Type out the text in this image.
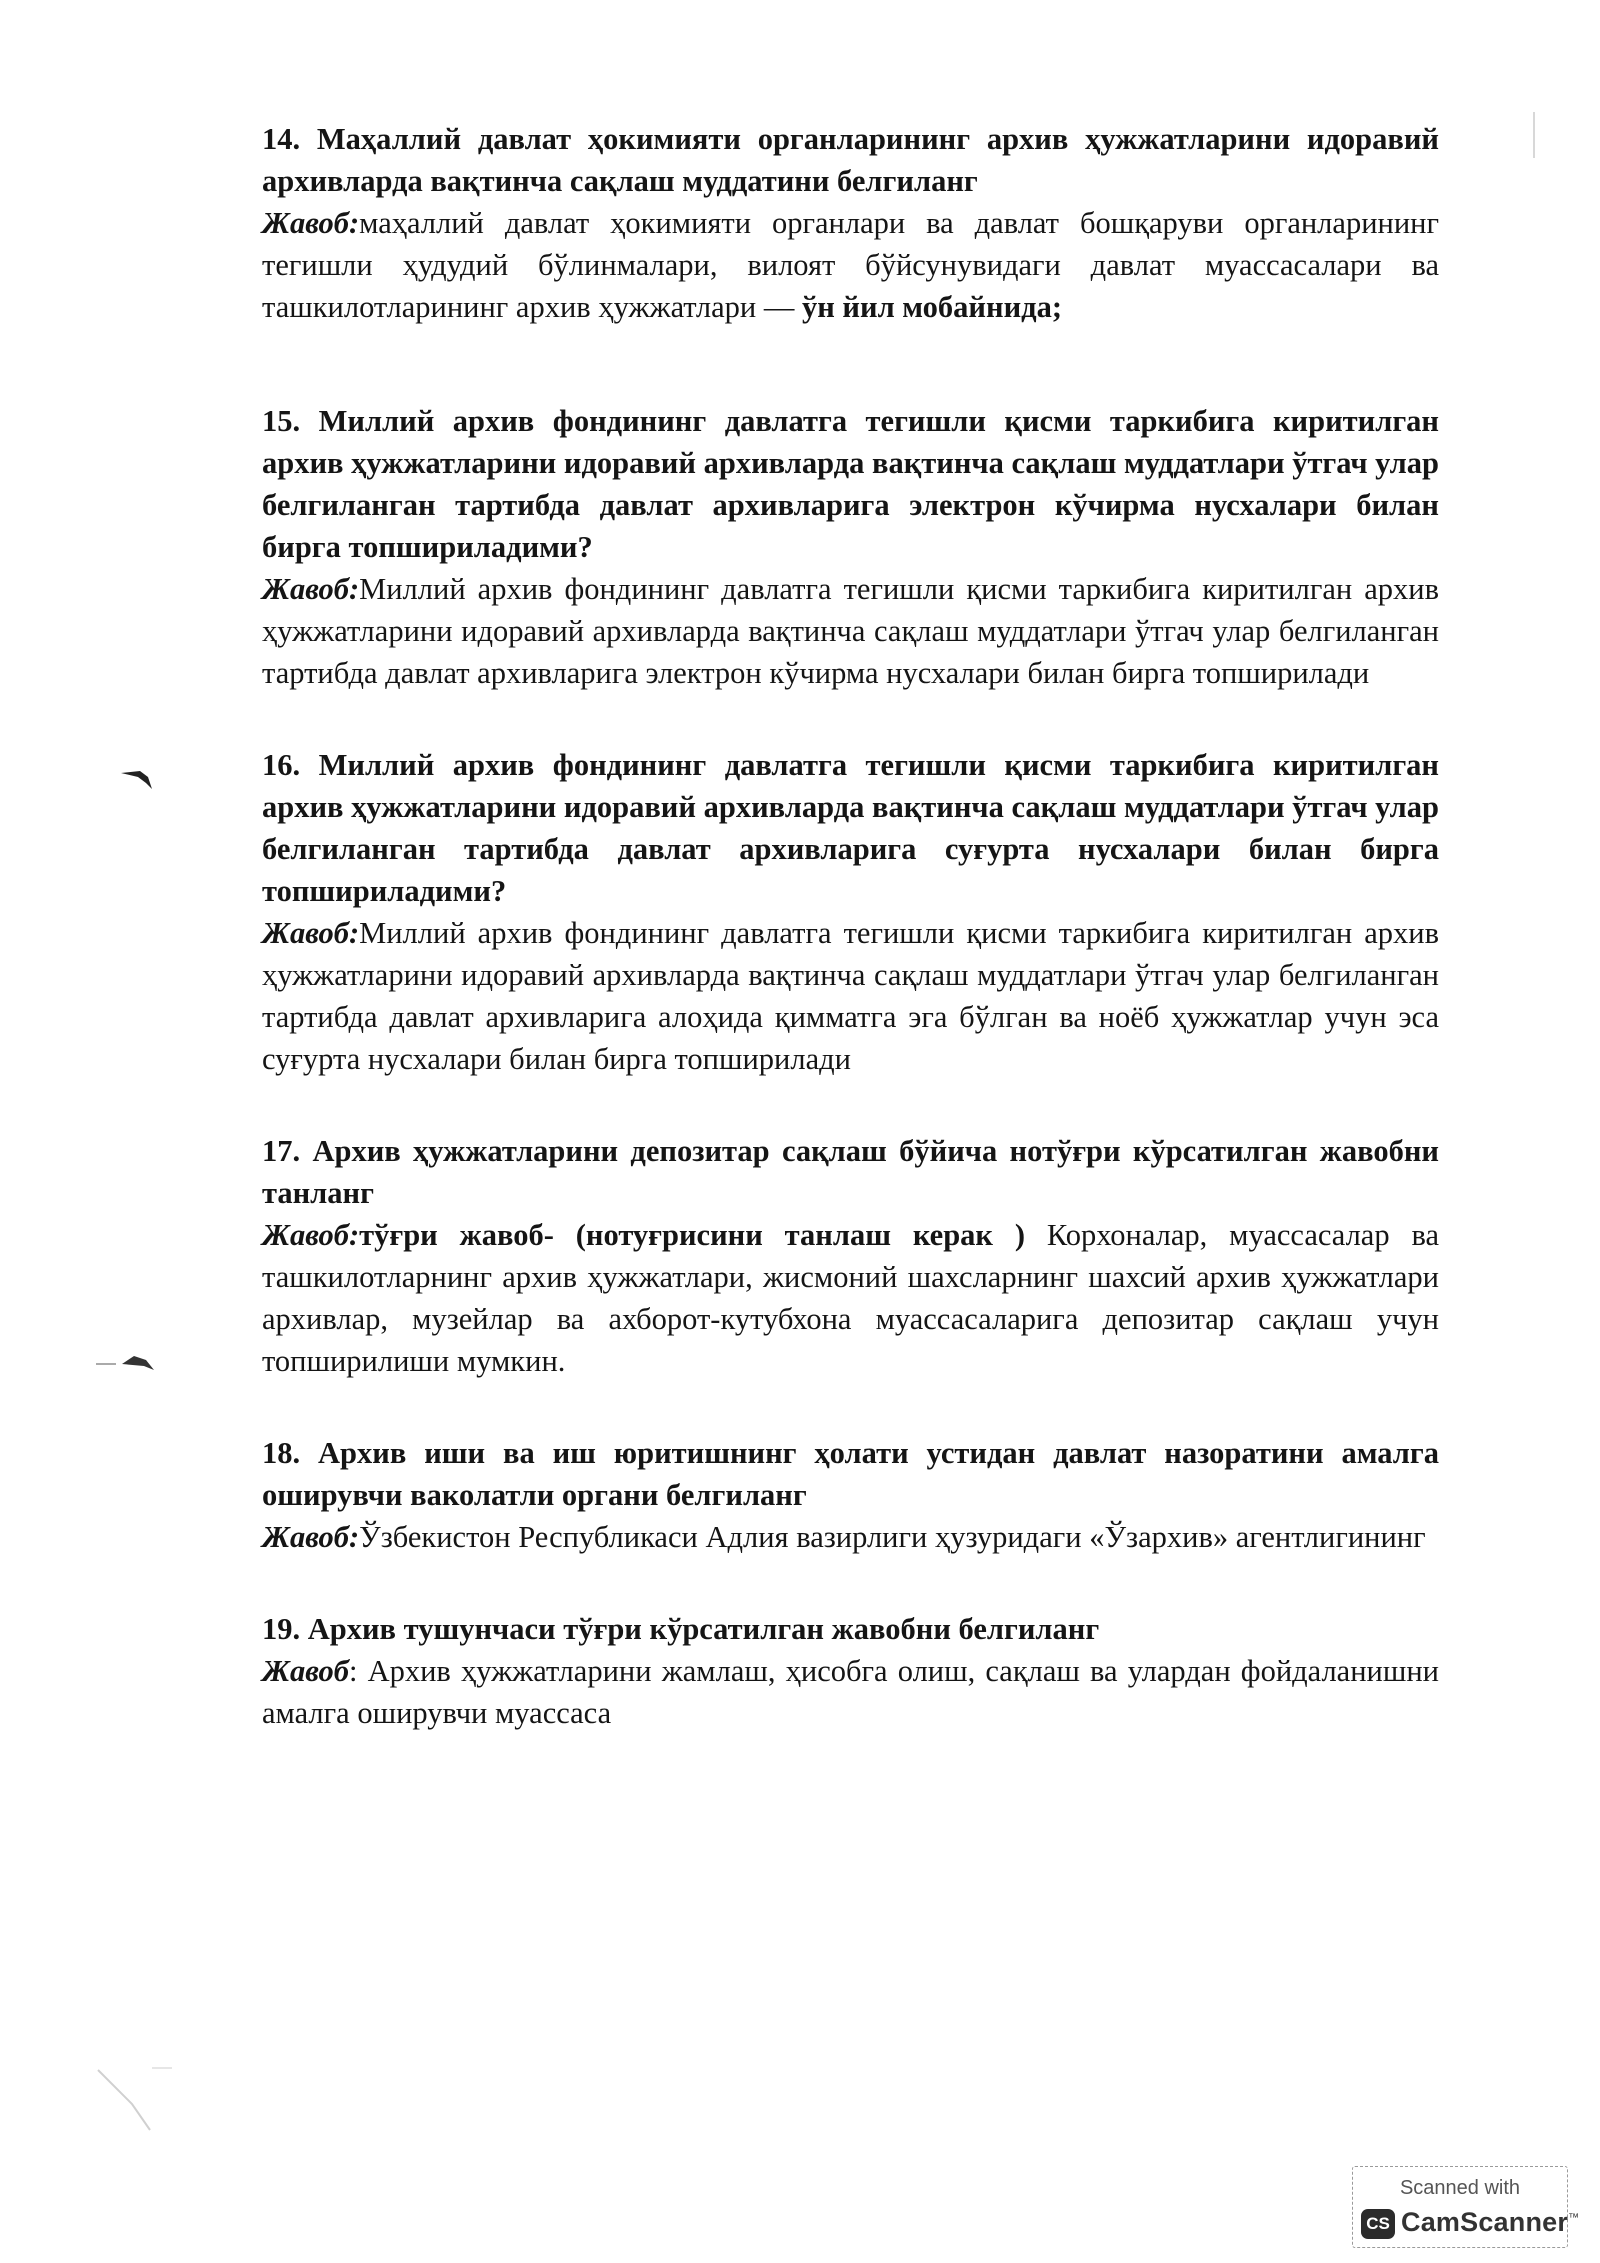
14. Маҳаллий давлат ҳокимияти органларининг архив ҳужжатларини идоравий архивларда вақтинча сақлаш муддатини белгиланг

Жавоб:маҳаллий давлат ҳокимияти органлари ва давлат бошқаруви органларининг тегишли ҳудудий бўлинмалари, вилоят бўйсунувидаги давлат муассасалари ва ташкилотларининг архив ҳужжатлари — ўн йил мобайнида;

15. Миллий архив фондининг давлатга тегишли қисми таркибига киритилган архив ҳужжатларини идоравий архивларда вақтинча сақлаш муддатлари ўтгач улар белгиланган тартибда давлат архивларига электрон кўчирма нусхалари билан бирга топшириладими?

Жавоб:Миллий архив фондининг давлатга тегишли қисми таркибига киритилган архив ҳужжатларини идоравий архивларда вақтинча сақлаш муддатлари ўтгач улар белгиланган тартибда давлат архивларига электрон кўчирма нусхалари билан бирга топширилади

16. Миллий архив фондининг давлатга тегишли қисми таркибига киритилган архив ҳужжатларини идоравий архивларда вақтинча сақлаш муддатлари ўтгач улар белгиланган тартибда давлат архивларига суғурта нусхалари билан бирга топшириладими?

Жавоб:Миллий архив фондининг давлатга тегишли қисми таркибига киритилган архив ҳужжатларини идоравий архивларда вақтинча сақлаш муддатлари ўтгач улар белгиланган тартибда давлат архивларига алоҳида қимматга эга бўлган ва ноёб ҳужжатлар учун эса суғурта нусхалари билан бирга топширилади

17. Архив ҳужжатларини депозитар сақлаш бўйича нотўғри кўрсатилган жавобни танланг

Жавоб:тўғри жавоб- (нотуғрисини танлаш керак ) Корхоналар, муассасалар ва ташкилотларнинг архив ҳужжатлари, жисмоний шахсларнинг шахсий архив ҳужжатлари архивлар, музейлар ва ахборот-кутубхона муассасаларига депозитар сақлаш учун топширилиши мумкин.

18. Архив иши ва иш юритишнинг ҳолати устидан давлат назоратини амалга оширувчи ваколатли органи белгиланг

Жавоб:Ўзбекистон Республикаси Адлия вазирлиги ҳузуридаги «Ўзархив» агентлигининг

19. Архив тушунчаси тўғри кўрсатилган жавобни белгиланг

Жавоб: Архив ҳужжатларини жамлаш, ҳисобга олиш, сақлаш ва улардан фойдаланишни амалга оширувчи муассаса

Scanned with
CS CamScanner™
